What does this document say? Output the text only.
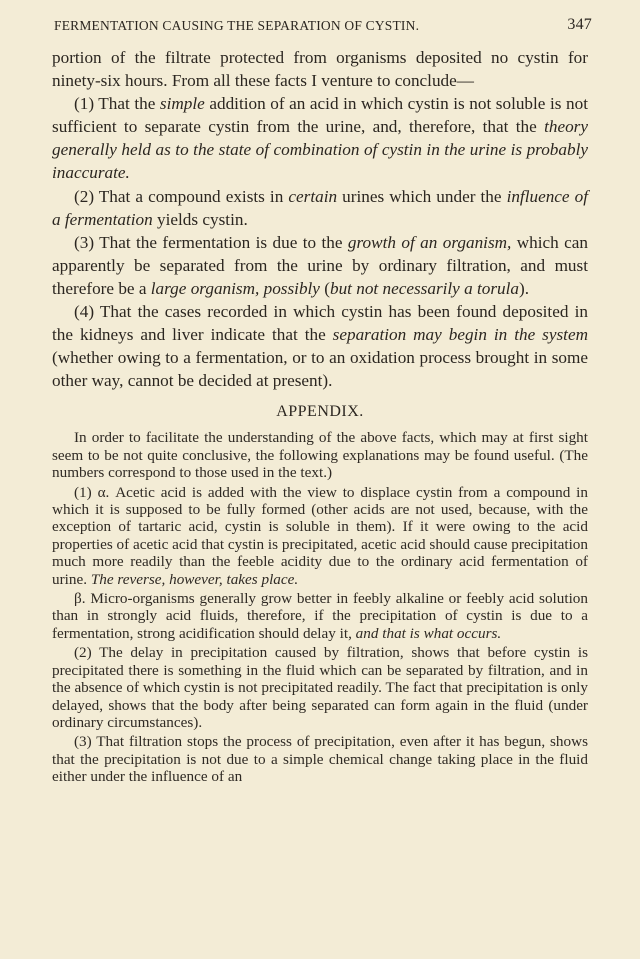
FERMENTATION CAUSING THE SEPARATION OF CYSTIN.	347

portion of the filtrate protected from organisms deposited no cystin for ninety-six hours. From all these facts I venture to conclude—

(1) That the simple addition of an acid in which cystin is not soluble is not sufficient to separate cystin from the urine, and, therefore, that the theory generally held as to the state of combination of cystin in the urine is probably inaccurate.

(2) That a compound exists in certain urines which under the influence of a fermentation yields cystin.

(3) That the fermentation is due to the growth of an organism, which can apparently be separated from the urine by ordinary filtration, and must therefore be a large organism, possibly (but not necessarily a torula).

(4) That the cases recorded in which cystin has been found deposited in the kidneys and liver indicate that the separation may begin in the system (whether owing to a fermentation, or to an oxidation process brought in some other way, cannot be decided at present).

APPENDIX.

In order to facilitate the understanding of the above facts, which may at first sight seem to be not quite conclusive, the following explanations may be found useful. (The numbers correspond to those used in the text.)

(1) α. Acetic acid is added with the view to displace cystin from a compound in which it is supposed to be fully formed (other acids are not used, because, with the exception of tartaric acid, cystin is soluble in them). If it were owing to the acid properties of acetic acid that cystin is precipitated, acetic acid should cause precipitation much more readily than the feeble acidity due to the ordinary acid fermentation of urine. The reverse, however, takes place.

β. Micro-organisms generally grow better in feebly alkaline or feebly acid solution than in strongly acid fluids, therefore, if the precipitation of cystin is due to a fermentation, strong acidification should delay it, and that is what occurs.

(2) The delay in precipitation caused by filtration, shows that before cystin is precipitated there is something in the fluid which can be separated by filtration, and in the absence of which cystin is not precipitated readily. The fact that precipitation is only delayed, shows that the body after being separated can form again in the fluid (under ordinary circumstances).

(3) That filtration stops the process of precipitation, even after it has begun, shows that the precipitation is not due to a simple chemical change taking place in the fluid either under the influence of an
